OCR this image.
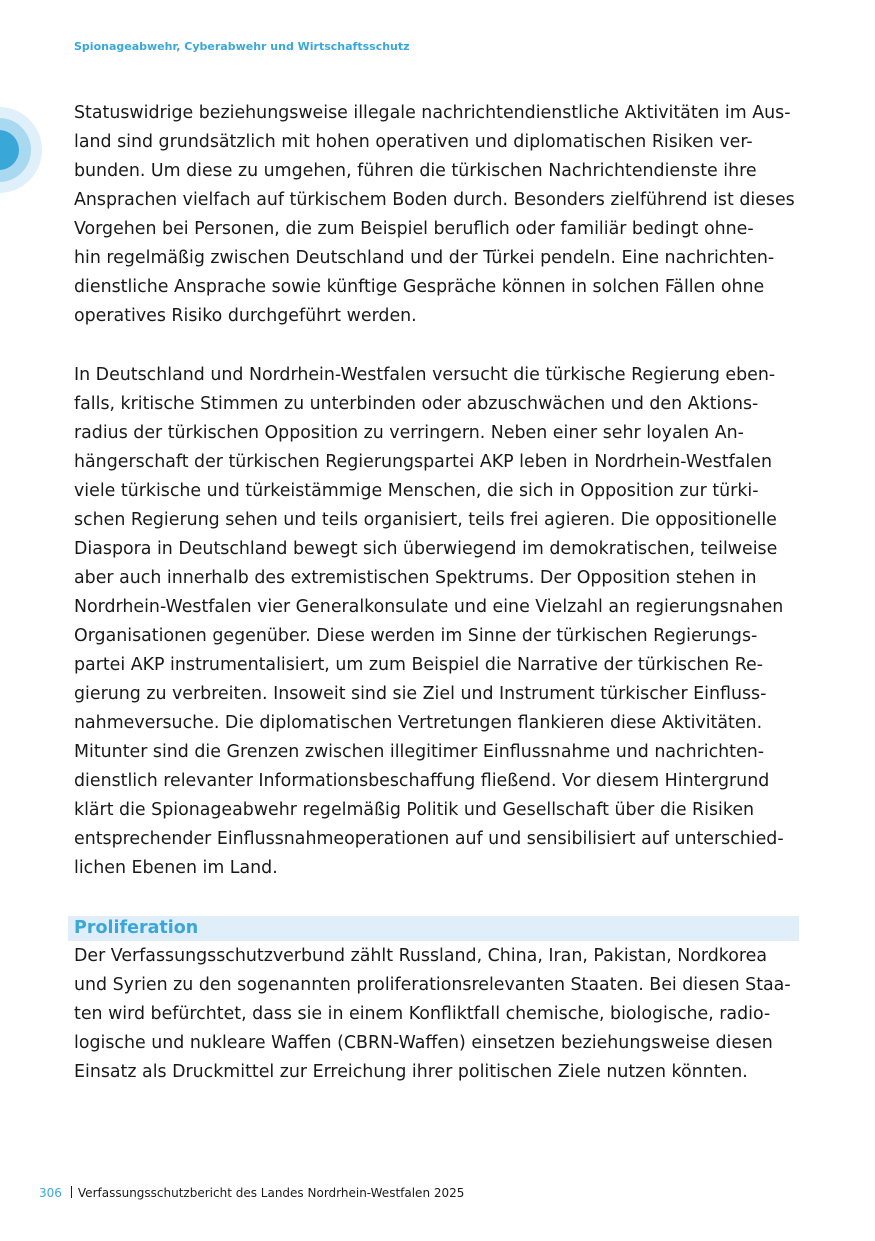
Spionageabwehr, Cyberabwehr und Wirtschaftsschutz
Statuswidrige beziehungsweise illegale nachrichtendienstliche Aktivitäten im Aus-
land sind grundsätzlich mit hohen operativen und diplomatischen Risiken ver-
bunden. Um diese zu umgehen, führen die türkischen Nachrichtendienste ihre
Ansprachen vielfach auf türkischem Boden durch. Besonders zielführend ist dieses
Vorgehen bei Personen, die zum Beispiel beruflich oder familiär bedingt ohne-
hin regelmäßig zwischen Deutschland und der Türkei pendeln. Eine nachrichten-
dienstliche Ansprache sowie künftige Gespräche können in solchen Fällen ohne
operatives Risiko durchgeführt werden.
In Deutschland und Nordrhein-Westfalen versucht die türkische Regierung eben-
falls, kritische Stimmen zu unterbinden oder abzuschwächen und den Aktions-
radius der türkischen Opposition zu verringern. Neben einer sehr loyalen An-
hängerschaft der türkischen Regierungspartei AKP leben in Nordrhein-Westfalen
viele türkische und türkeistämmige Menschen, die sich in Opposition zur türki-
schen Regierung sehen und teils organisiert, teils frei agieren. Die oppositionelle
Diaspora in Deutschland bewegt sich überwiegend im demokratischen, teilweise
aber auch innerhalb des extremistischen Spektrums. Der Opposition stehen in
Nordrhein-Westfalen vier Generalkonsulate und eine Vielzahl an regierungsnahen
Organisationen gegenüber. Diese werden im Sinne der türkischen Regierungs-
partei AKP instrumentalisiert, um zum Beispiel die Narrative der türkischen Re-
gierung zu verbreiten. Insoweit sind sie Ziel und Instrument türkischer Einfluss-
nahmeversuche. Die diplomatischen Vertretungen flankieren diese Aktivitäten.
Mitunter sind die Grenzen zwischen illegitimer Einflussnahme und nachrichten-
dienstlich relevanter Informationsbeschaffung fließend. Vor diesem Hintergrund
klärt die Spionageabwehr regelmäßig Politik und Gesellschaft über die Risiken
entsprechender Einflussnahmeoperationen auf und sensibilisiert auf unterschied-
lichen Ebenen im Land.
Proliferation
Der Verfassungsschutzverbund zählt Russland, China, Iran, Pakistan, Nordkorea
und Syrien zu den sogenannten proliferationsrelevanten Staaten. Bei diesen Staa-
ten wird befürchtet, dass sie in einem Konfliktfall chemische, biologische, radio-
logische und nukleare Waffen (CBRN-Waffen) einsetzen beziehungsweise diesen
Einsatz als Druckmittel zur Erreichung ihrer politischen Ziele nutzen könnten.
306 Verfassungsschutzbericht des Landes Nordrhein-Westfalen 2025
